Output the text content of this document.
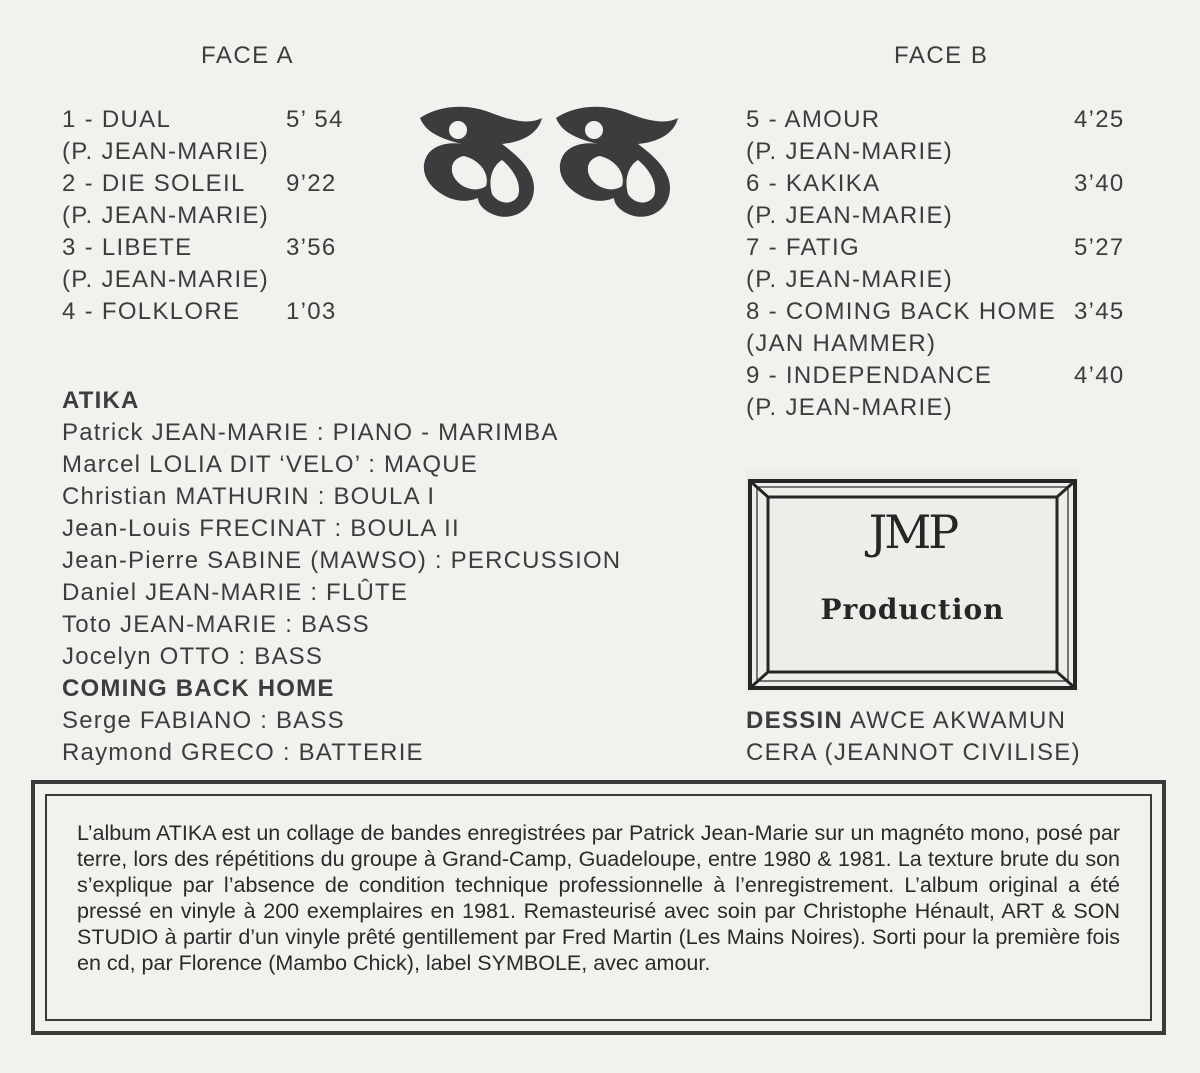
FACE A
1 - DUAL	5’ 54
(P. JEAN-MARIE)
2 - DIE SOLEIL 9’22
(P. JEAN-MARIE)
3 - LIBETE	3’56
(P. JEAN-MARIE)
4 - FOLKLORE 1’03
FACE B
5 - AMOUR	4’25
(P. JEAN-MARIE)
6 - KAKIKA	3’40
(P. JEAN-MARIE)
7 - FATIG	5’27
(P. JEAN-MARIE)
8 - COMING BACK HOME 3’45
(JAN HAMMER)
9 - INDEPENDANCE	4’40
(P. JEAN-MARIE)
ATIKA
Patrick JEAN-MARIE : PIANO - MARIMBA
Marcel LOLIA DIT ‘VELO’ : MAQUE
Christian MATHURIN : BOULA I
Jean-Louis FRECINAT : BOULA II
Jean-Pierre SABINE (MAWSO) : PERCUSSION
Daniel JEAN-MARIE : FLÛTE
Toto JEAN-MARIE : BASS
Jocelyn OTTO : BASS
COMING BACK HOME
Serge FABIANO : BASS
Raymond GRECO : BATTERIE
JMP
Production
DESSIN AWCE AKWAMUN
CERA (JEANNOT CIVILISE)

L’album ATIKA est un collage de bandes enregistrées par Patrick Jean-Marie sur un magnéto mono, posé par terre, lors des répétitions du groupe à Grand-Camp, Guadeloupe, entre 1980 & 1981. La texture brute du son s’explique par l’absence de condition technique professionnelle à l’enregistrement. L’album original a été pressé en vinyle à 200 exemplaires en 1981. Remasteurisé avec soin par Christophe Hénault, ART & SON STUDIO à partir d’un vinyle prêté gentillement par Fred Martin (Les Mains Noires). Sorti pour la première fois en cd, par Florence (Mambo Chick), label SYMBOLE, avec amour.
